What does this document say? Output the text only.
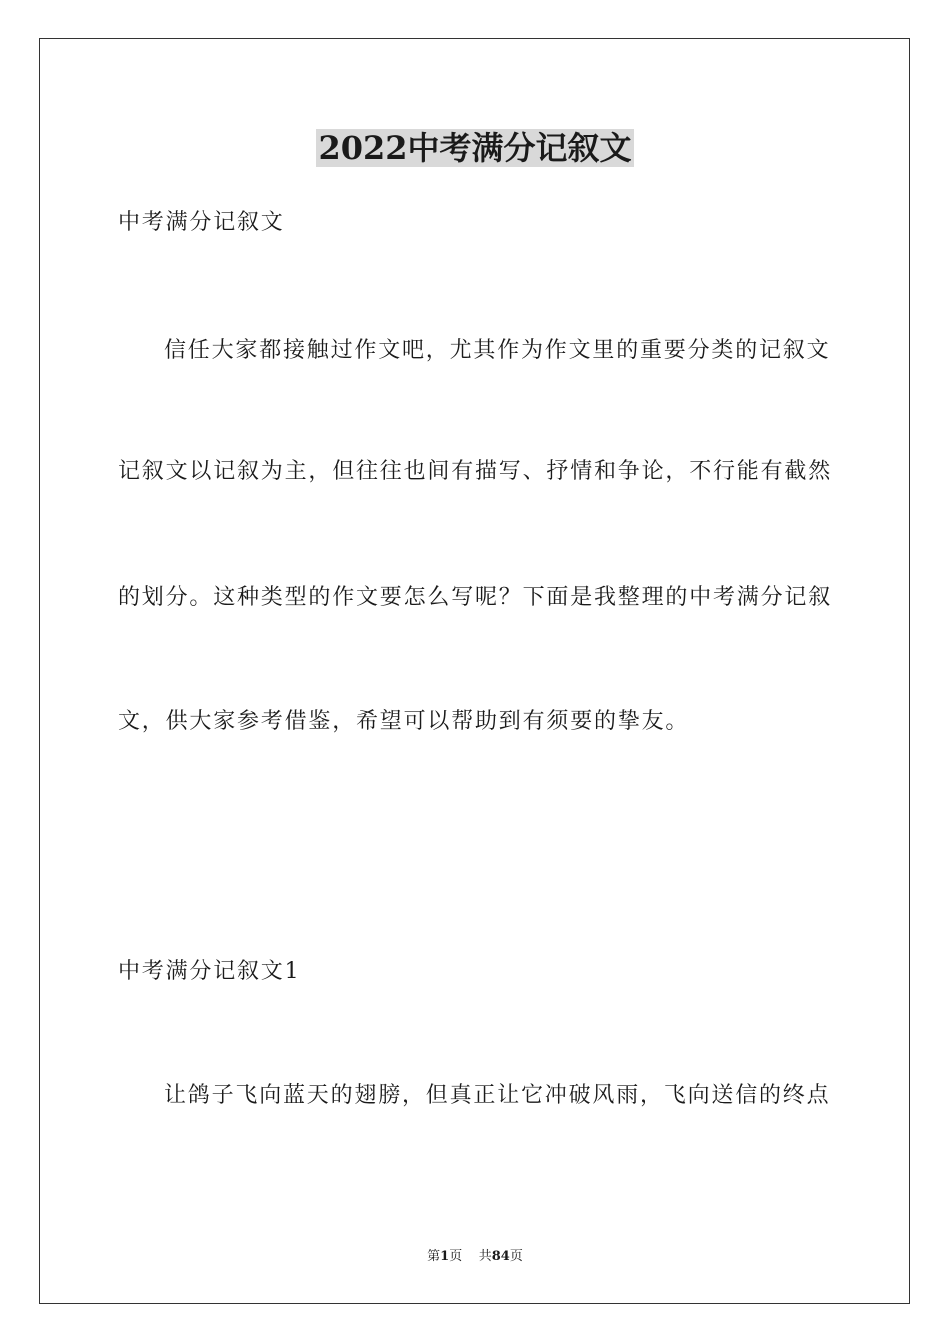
2022中考满分记叙文
中考满分记叙文
信任大家都接触过作文吧，尤其作为作文里的重要分类的记叙文
记叙文以记叙为主，但往往也间有描写、抒情和争论，不行能有截然
的划分。这种类型的作文要怎么写呢？下面是我整理的中考满分记叙
文，供大家参考借鉴，希望可以帮助到有须要的挚友。
中考满分记叙文1
让鸽子飞向蓝天的翅膀，但真正让它冲破风雨，飞向送信的终点
第1页 共84页
